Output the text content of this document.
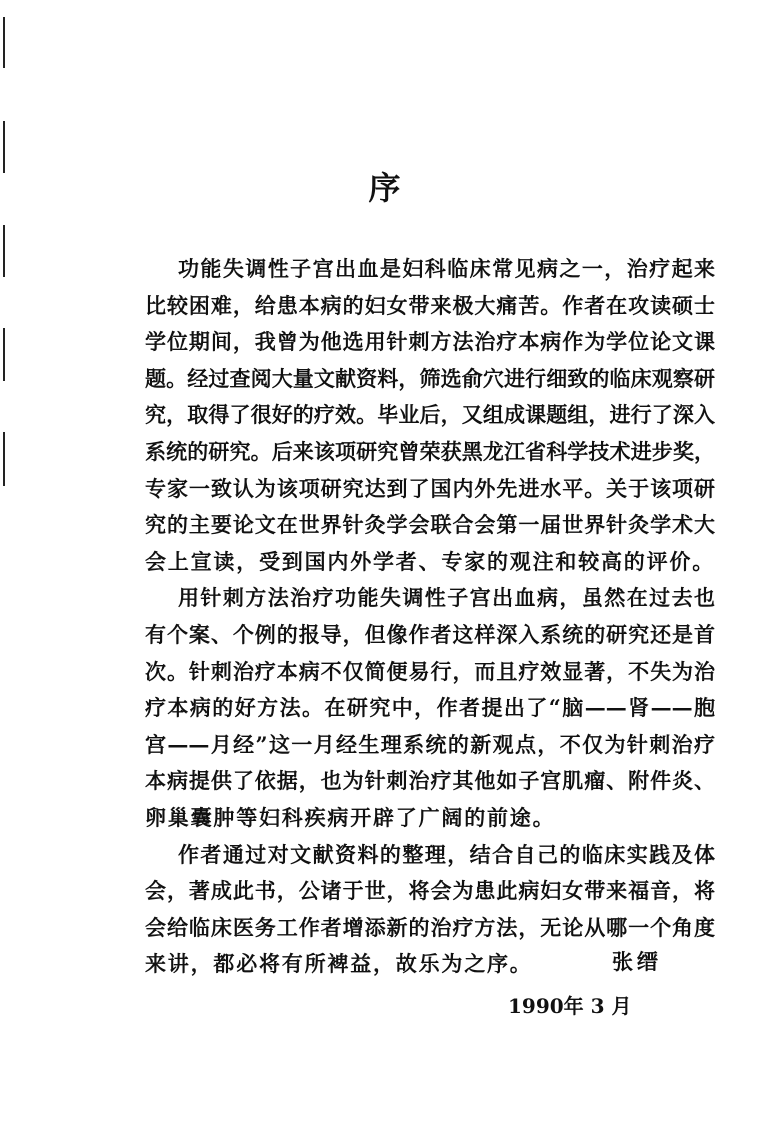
序
功能失调性子宫出血是妇科临床常见病之一，治疗起来
比较困难，给患本病的妇女带来极大痛苦。作者在攻读硕士
学位期间，我曾为他选用针刺方法治疗本病作为学位论文课
题。经过查阅大量文献资料，筛选俞穴进行细致的临床观察研
究，取得了很好的疗效。毕业后，又组成课题组，进行了深入
系统的研究。后来该项研究曾荣获黑龙江省科学技术进步奖，
专家一致认为该项研究达到了国内外先进水平。关于该项研
究的主要论文在世界针灸学会联合会第一届世界针灸学术大
会上宣读，受到国内外学者、专家的观注和较高的评价。
用针刺方法治疗功能失调性子宫出血病，虽然在过去也
有个案、个例的报导，但像作者这样深入系统的研究还是首
次。针刺治疗本病不仅简便易行，而且疗效显著，不失为治
疗本病的好方法。在研究中，作者提出了“脑——肾——胞
宫——月经”这一月经生理系统的新观点，不仅为针刺治疗
本病提供了依据，也为针刺治疗其他如子宫肌瘤、附件炎、
卵巢囊肿等妇科疾病开辟了广阔的前途。
作者通过对文献资料的整理，结合自己的临床实践及体
会，著成此书，公诸于世，将会为患此病妇女带来福音，将
会给临床医务工作者增添新的治疗方法，无论从哪一个角度
来讲，都必将有所裨益，故乐为之序。	张缙
1990年 3 月
